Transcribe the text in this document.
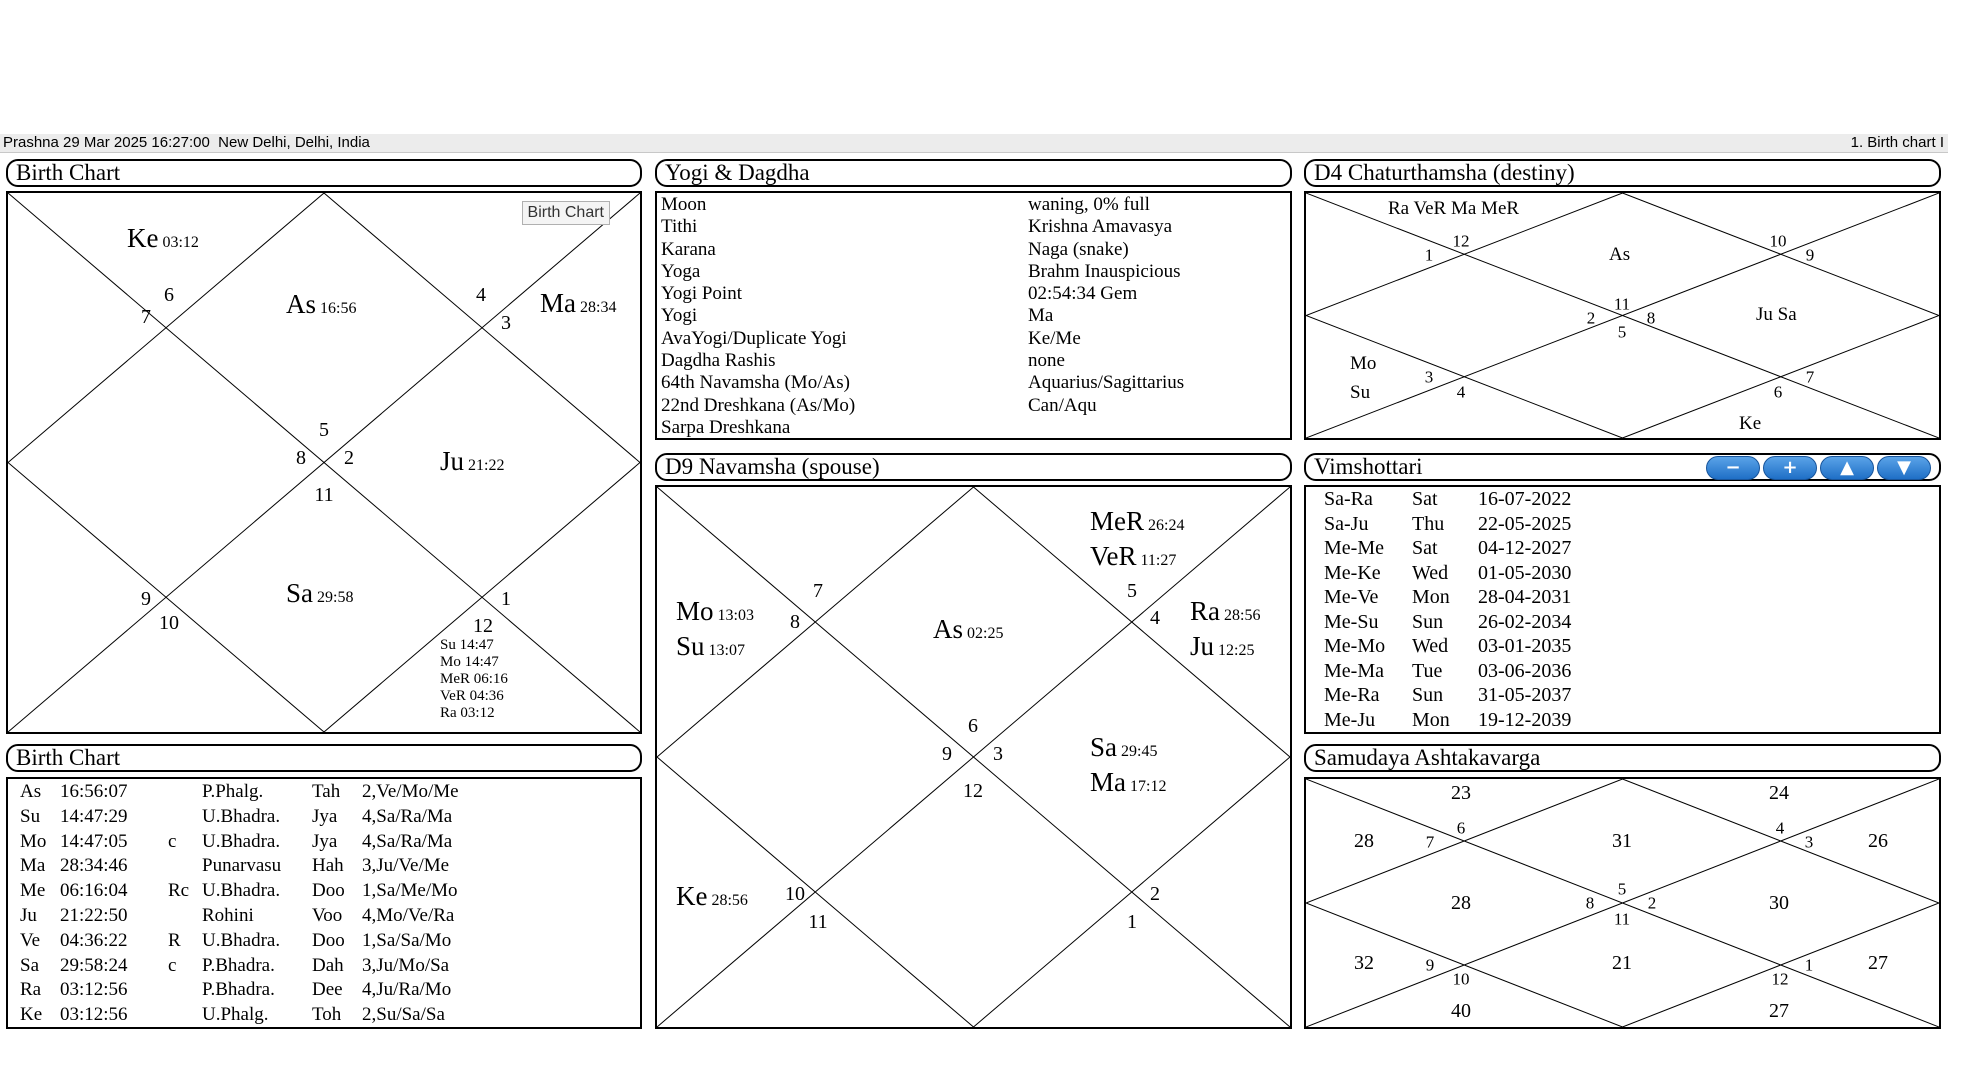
Prashna 29 Mar 2025 16:27:00  New Delhi, Delhi, India	1. Birth chart I
Birth Chart
Birth Chart
5
6
7
8
9
10
11
12
1
2
3
4
As 16:56	Ma 28:34
Ke 03:12
Ju 21:22
Sa 29:58
Su 14:47
Mo 14:47
MeR 06:16
VeR 04:36
Ra 03:12
Birth Chart
As	16:56:07		P.Phalg.	Tah	2,Ve/Mo/Me
Su	14:47:29		U.Bhadra.	Jya	4,Sa/Ra/Ma
Mo	14:47:05	c	U.Bhadra.	Jya	4,Sa/Ra/Ma
Ma	28:34:46		Punarvasu	Hah	3,Ju/Ve/Me
Me	06:16:04	Rc	U.Bhadra.	Doo	1,Sa/Me/Mo
Ju	21:22:50		Rohini	Voo	4,Mo/Ve/Ra
Ve	04:36:22	R	U.Bhadra.	Doo	1,Sa/Sa/Mo
Sa	29:58:24	c	P.Bhadra.	Dah	3,Ju/Mo/Sa
Ra	03:12:56		P.Bhadra.	Dee	4,Ju/Ra/Mo
Ke	03:12:56		U.Phalg.	Toh	2,Su/Sa/Sa
Yogi & Dagdha
Moon	waning, 0% full
Tithi	Krishna Amavasya
Karana	Naga (snake)
Yoga	Brahm Inauspicious
Yogi Point	02:54:34 Gem
Yogi	Ma
AvaYogi/Duplicate Yogi	Ke/Me
Dagdha Rashis	none
64th Navamsha (Mo/As)	Aquarius/Sagittarius
22nd Dreshkana (As/Mo)	Can/Aqu
Sarpa Dreshkana	
D9 Navamsha (spouse)
6
5
4
3
2
1
12
11
10
9
8
7
As 02:25
MeR 26:24
VeR 11:27
Ra 28:56
Ju 12:25
Sa 29:45
Ma 17:12
Mo 13:03
Su 13:07
Ke 28:56
D4 Chaturthamsha (destiny)
Ra VeR Ma MeR
As
Ju Sa
Mo
Su
Ke
11
10
9
8
7
6
5
4
3
2
1
12
Vimshottari	−	+	▲	▼
Sa-Ra	Sat	16-07-2022
Sa-Ju	Thu	22-05-2025
Me-Me	Sat	04-12-2027
Me-Ke	Wed	01-05-2030
Me-Ve	Mon	28-04-2031
Me-Su	Sun	26-02-2034
Me-Mo	Wed	03-01-2035
Me-Ma	Tue	03-06-2036
Me-Ra	Sun	31-05-2037
Me-Ju	Mon	19-12-2039
Samudaya Ashtakavarga
31
24
26
30
27
27
21
40
32
28
28
23
5
4
3
2
1
12
11
10
9
8
7
6
